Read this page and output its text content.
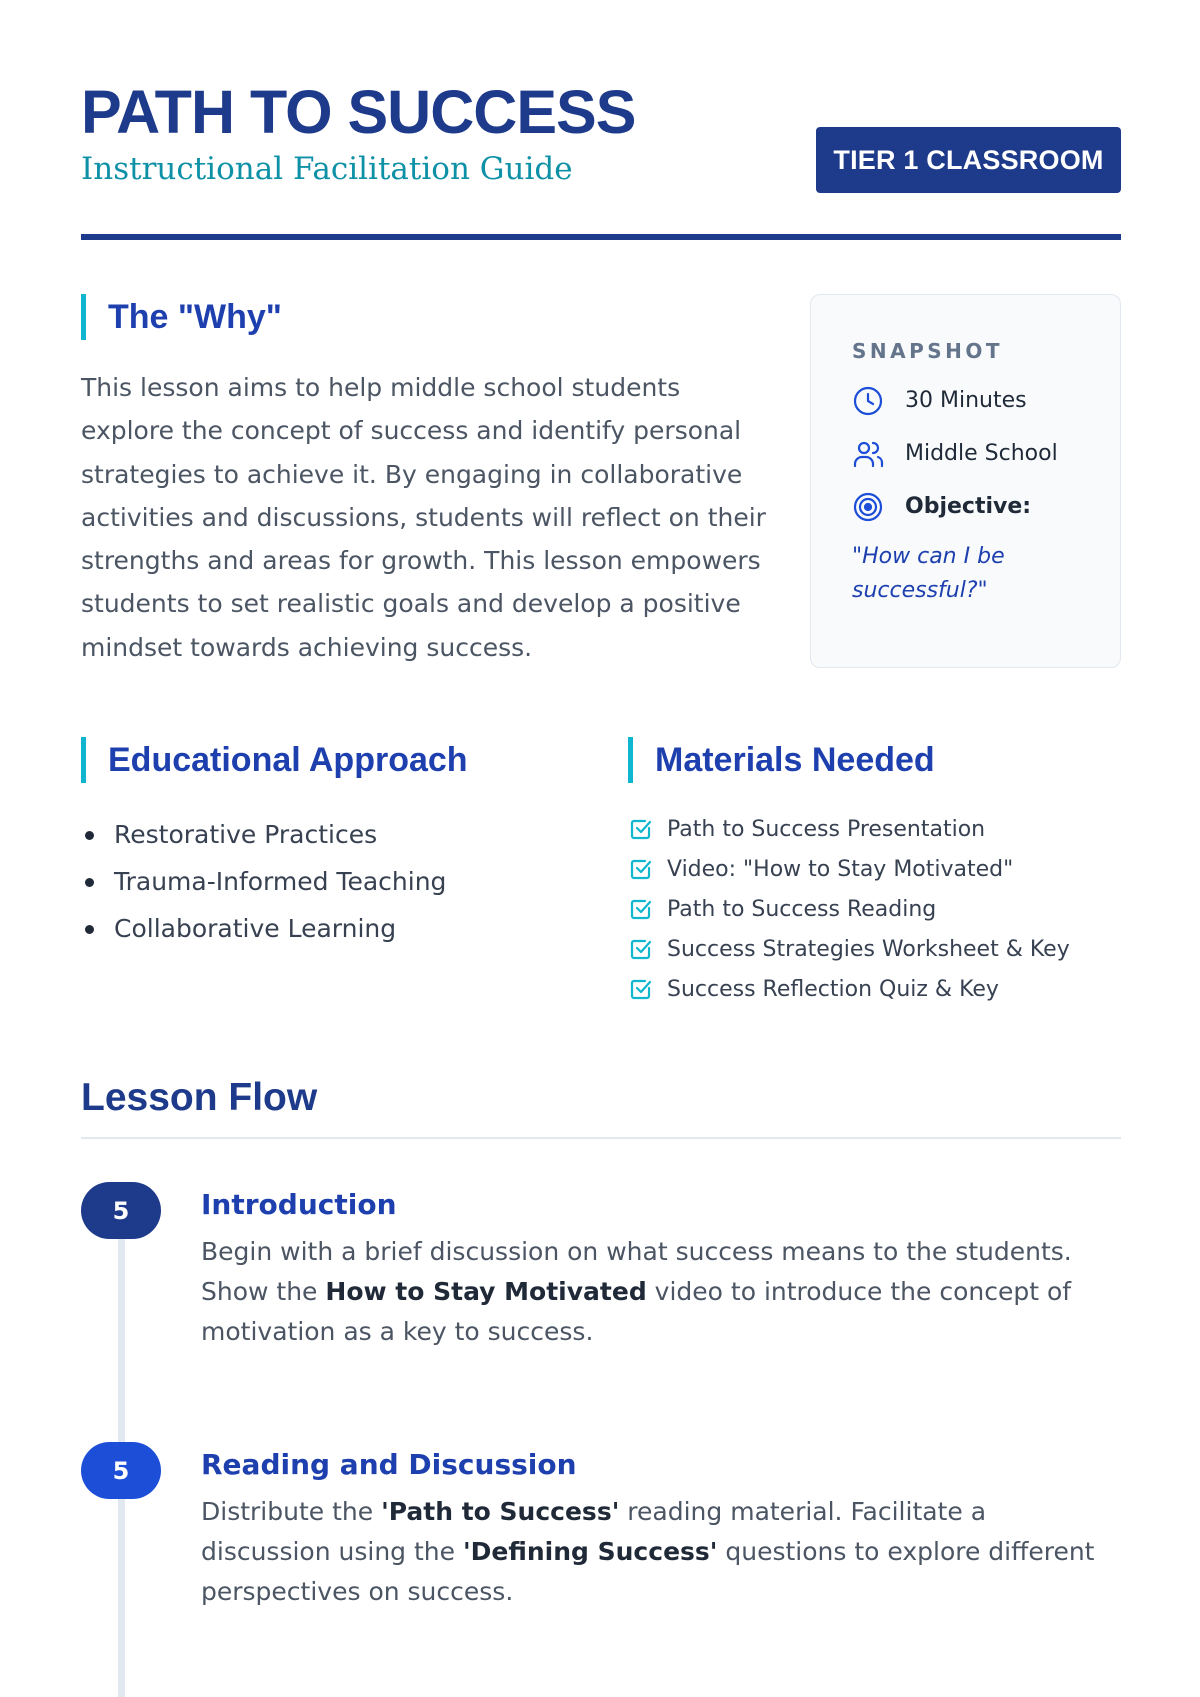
PATH TO SUCCESS
Instructional Facilitation Guide	TIER 1 CLASSROOM
The "Why"

This lesson aims to help middle school students explore the concept of success and identify personal strategies to achieve it. By engaging in collaborative activities and discussions, students will reflect on their strengths and areas for growth. This lesson empowers students to set realistic goals and develop a positive mindset towards achieving success.

SNAPSHOT
30 Minutes
Middle School
Objective:
"How can I be successful?"
Educational Approach
Restorative Practices
Trauma-Informed Teaching
Collaborative Learning
Materials Needed
Path to Success Presentation
Video: "How to Stay Motivated"
Path to Success Reading
Success Strategies Worksheet & Key
Success Reflection Quiz & Key
Lesson Flow
5	Introduction
Begin with a brief discussion on what success means to the students. Show the How to Stay Motivated video to introduce the concept of motivation as a key to success.
5	Reading and Discussion
Distribute the 'Path to Success' reading material. Facilitate a discussion using the 'Defining Success' questions to explore different perspectives on success.
